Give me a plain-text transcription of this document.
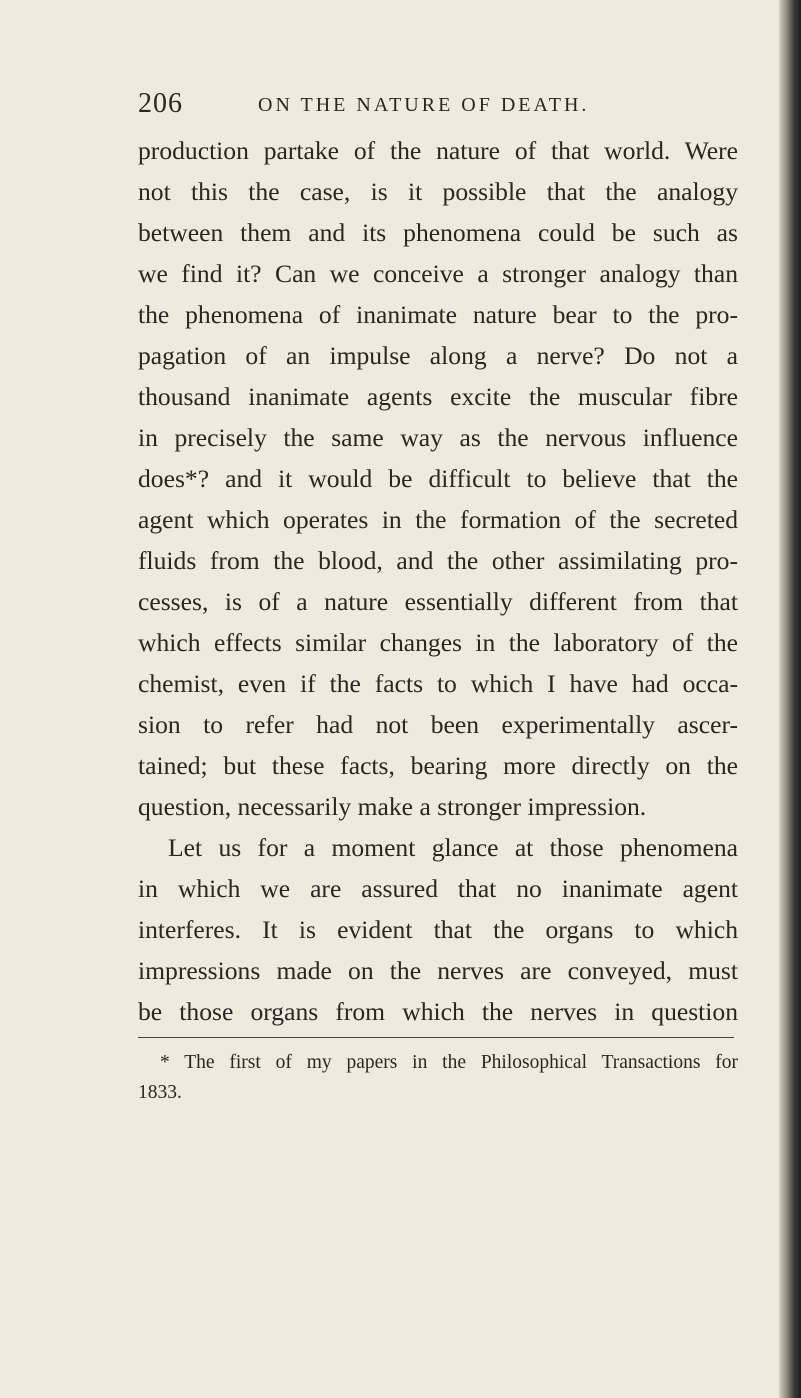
206	ON THE NATURE OF DEATH.
production partake of the nature of that world. Were
not this the case, is it possible that the analogy
between them and its phenomena could be such as
we find it? Can we conceive a stronger analogy than
the phenomena of inanimate nature bear to the pro-
pagation of an impulse along a nerve? Do not a
thousand inanimate agents excite the muscular fibre
in precisely the same way as the nervous influence
does*? and it would be difficult to believe that the
agent which operates in the formation of the secreted
fluids from the blood, and the other assimilating pro-
cesses, is of a nature essentially different from that
which effects similar changes in the laboratory of the
chemist, even if the facts to which I have had occa-
sion to refer had not been experimentally ascer-
tained; but these facts, bearing more directly on the
question, necessarily make a stronger impression.
Let us for a moment glance at those phenomena
in which we are assured that no inanimate agent
interferes. It is evident that the organs to which
impressions made on the nerves are conveyed, must
be those organs from which the nerves in question
* The first of my papers in the Philosophical Transactions for
1833.
